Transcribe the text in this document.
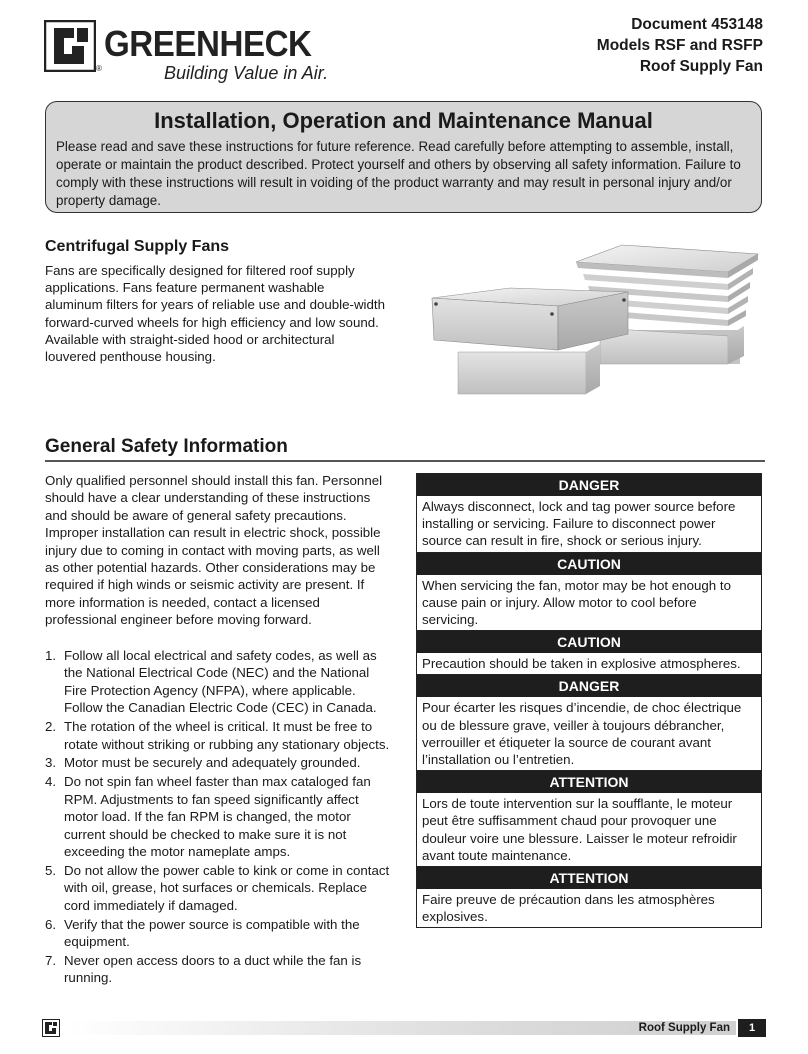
®
GREENHECK
Building Value in Air.
Document 453148
Models RSF and RSFP
Roof Supply Fan
Installation, Operation and Maintenance Manual

Please read and save these instructions for future reference. Read carefully before attempting to assemble, install, operate or maintain the product described. Protect yourself and others by observing all safety information. Failure to comply with these instructions will result in voiding of the product warranty and may result in personal injury and/or property damage.

Centrifugal Supply Fans

Fans are specifically designed for filtered roof supply applications. Fans feature permanent washable aluminum filters for years of reliable use and double-width forward-curved wheels for high efficiency and low sound. Available with straight-sided hood or architectural louvered penthouse housing.

General Safety Information

Only qualified personnel should install this fan. Personnel should have a clear understanding of these instructions and should be aware of general safety precautions. Improper installation can result in electric shock, possible injury due to coming in contact with moving parts, as well as other potential hazards. Other considerations may be required if high winds or seismic activity are present. If more information is needed, contact a licensed professional engineer before moving forward.

1. Follow all local electrical and safety codes, as well as the National Electrical Code (NEC) and the National Fire Protection Agency (NFPA), where applicable. Follow the Canadian Electric Code (CEC) in Canada.
2. The rotation of the wheel is critical. It must be free to rotate without striking or rubbing any stationary objects.
3. Motor must be securely and adequately grounded.
4. Do not spin fan wheel faster than max cataloged fan RPM. Adjustments to fan speed significantly affect motor load. If the fan RPM is changed, the motor current should be checked to make sure it is not exceeding the motor nameplate amps.
5. Do not allow the power cable to kink or come in contact with oil, grease, hot surfaces or chemicals. Replace cord immediately if damaged.
6. Verify that the power source is compatible with the equipment.
7. Never open access doors to a duct while the fan is running.
DANGER
Always disconnect, lock and tag power source before installing or servicing. Failure to disconnect power source can result in fire, shock or serious injury.
CAUTION
When servicing the fan, motor may be hot enough to cause pain or injury. Allow motor to cool before servicing.
CAUTION
Precaution should be taken in explosive atmospheres.
DANGER
Pour écarter les risques d’incendie, de choc électrique ou de blessure grave, veiller à toujours débrancher, verrouiller et étiqueter la source de courant avant l’installation ou l’entretien.
ATTENTION
Lors de toute intervention sur la soufflante, le moteur peut être suffisamment chaud pour provoquer une douleur voire une blessure. Laisser le moteur refroidir avant toute maintenance.
ATTENTION
Faire preuve de précaution dans les atmosphères explosives.
Roof Supply Fan	1
